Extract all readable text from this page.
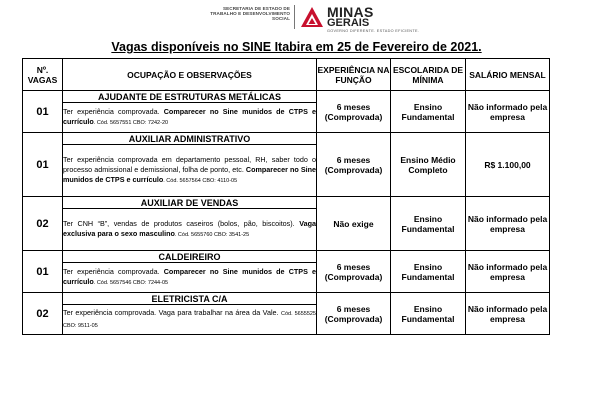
SECRETARIA DE ESTADO DE TRABALHO E DESENVOLVIMENTO SOCIAL	MINAS
GERAIS
GOVERNO DIFERENTE. ESTADO EFICIENTE.
Vagas disponíveis no SINE Itabira em 25 de Fevereiro de 2021.
Nº. VAGAS	OCUPAÇÃO E OBSERVAÇÕES	EXPERIÊNCIA NA FUNÇÃO	ESCOLARIDA DE MÍNIMA	SALÁRIO MENSAL
01	AJUDANTE DE ESTRUTURAS METÁLICAS	6 meses (Comprovada)	Ensino Fundamental	Não informado pela empresa
	Ter experiência comprovada. Comparecer no Sine munidos de CTPS e currículo. Cód. 5657551 CBO: 7242-20			
01	AUXILIAR ADMINISTRATIVO	6 meses (Comprovada)	Ensino Médio Completo	R$ 1.100,00
	Ter experiência comprovada em departamento pessoal, RH, saber todo o processo admissional e demissional, folha de ponto, etc. Comparecer no Sine munidos de CTPS e currículo. Cód. 5657564 CBO: 4110-05			
02	AUXILIAR DE VENDAS	Não exige	Ensino Fundamental	Não informado pela empresa
	Ter CNH “B”, vendas de produtos caseiros (bolos, pão, biscoitos). Vaga exclusiva para o sexo masculino. Cód. 5655760 CBO: 3541-25			
01	CALDEIREIRO	6 meses (Comprovada)	Ensino Fundamental	Não informado pela empresa
	Ter experiência comprovada. Comparecer no Sine munidos de CTPS e currículo. Cód. 5657546 CBO: 7244-05			
02	ELETRICISTA C/A	6 meses (Comprovada)	Ensino Fundamental	Não informado pela empresa
	Ter experiência comprovada. Vaga para trabalhar na área da Vale. Cód. 5655525 CBO: 9511-05			
